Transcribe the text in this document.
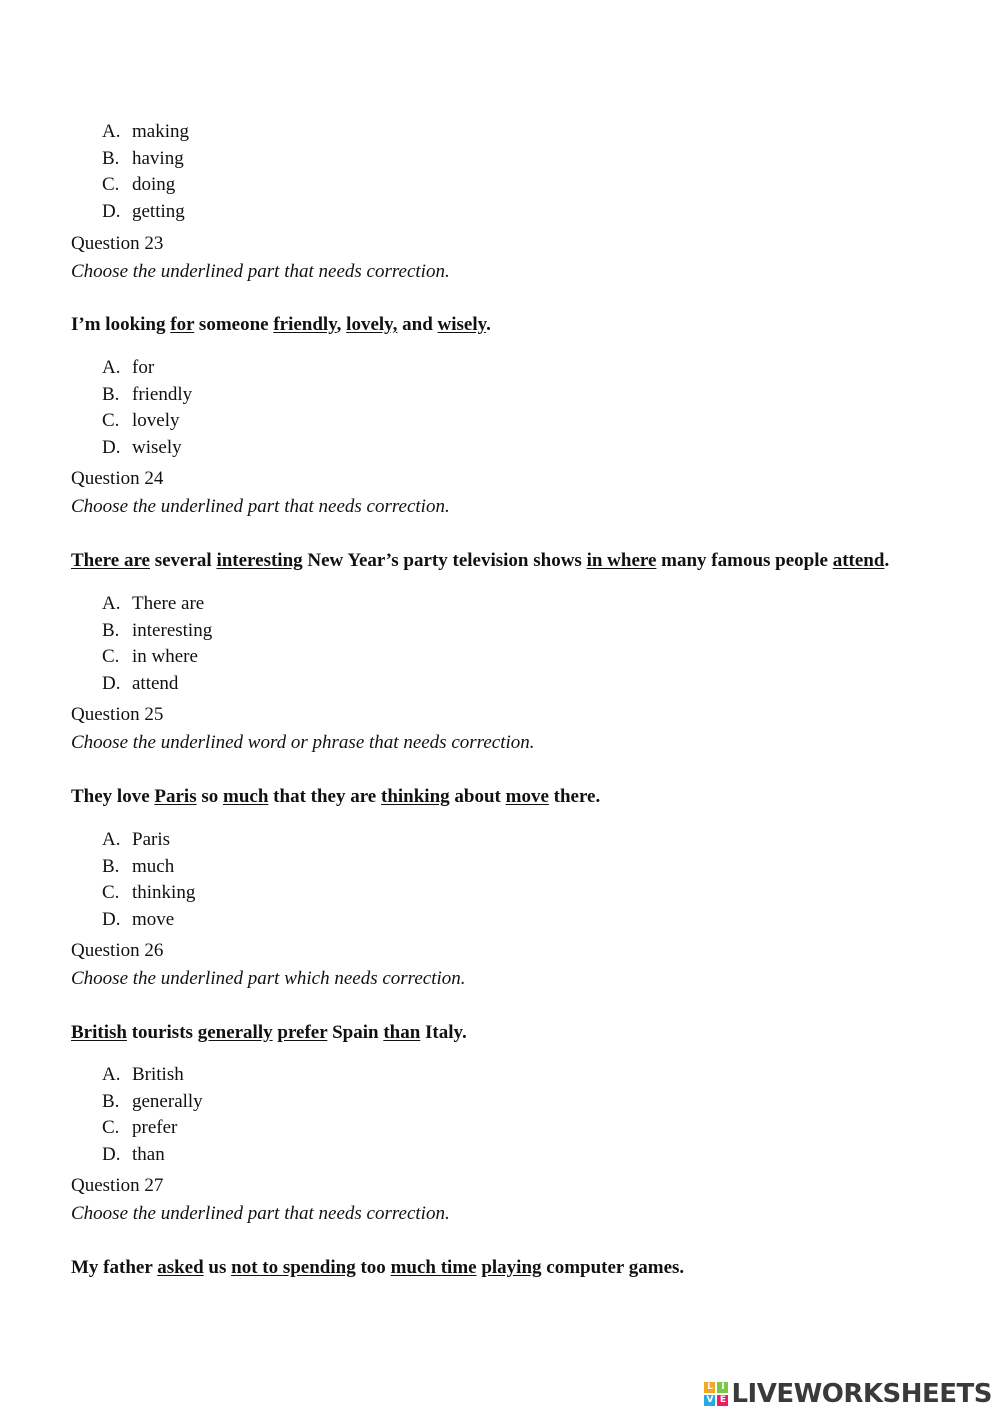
A. making
B. having
C. doing
D. getting
Question 23
Choose the underlined part that needs correction.
I’m looking for someone friendly, lovely, and wisely.
A. for
B. friendly
C. lovely
D. wisely
Question 24
Choose the underlined part that needs correction.
There are several interesting New Year’s party television shows in where many famous people attend.
A. There are
B. interesting
C. in where
D. attend
Question 25
Choose the underlined word or phrase that needs correction.
They love Paris so much that they are thinking about move there.
A. Paris
B. much
C. thinking
D. move
Question 26
Choose the underlined part which needs correction.
British tourists generally prefer Spain than Italy.
A. British
B. generally
C. prefer
D. than
Question 27
Choose the underlined part that needs correction.
My father asked us not to spending too much time playing computer games.
L I
V E LIVEWORKSHEETS
